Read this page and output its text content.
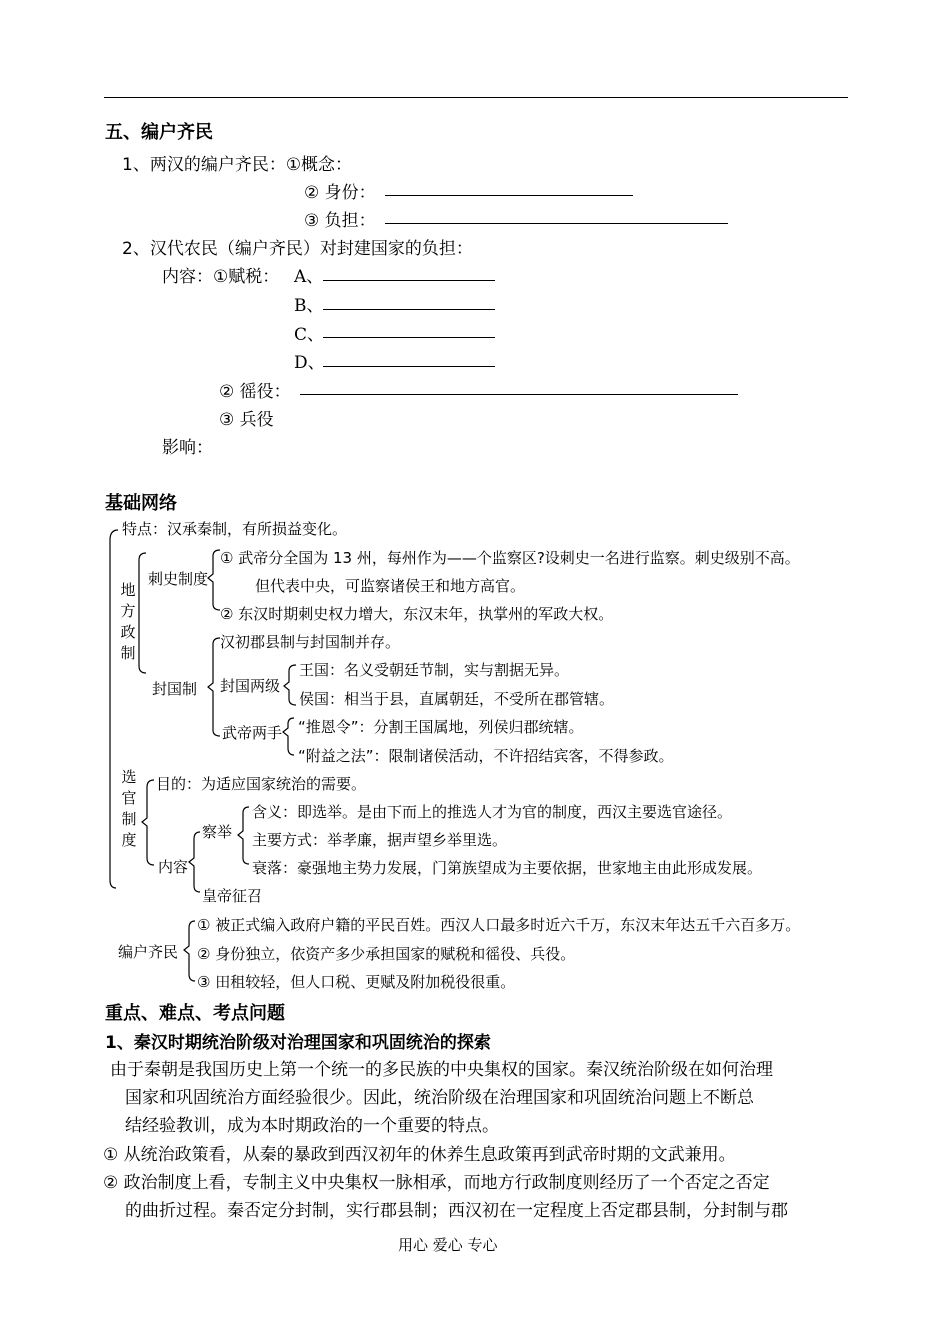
五、编户齐民
1、两汉的编户齐民：①概念：
② 身份：
③ 负担：
2、汉代农民（编户齐民）对封建国家的负担：
内容：①赋税： A、
B、
C、
D、
② 徭役：
③ 兵役
影响：
基础网络
特点：汉承秦制，有所损益变化。
地方政制
刺史制度
① 武帝分全国为 13 州，每州作为——个监察区?设刺史一名进行监察。刺史级别不高。
但代表中央，可监察诸侯王和地方高官。
② 东汉时期刺史权力增大，东汉末年，执掌州的军政大权。
封国制
汉初郡县制与封国制并存。
封国两级
王国：名义受朝廷节制，实与割据无异。
侯国：相当于县，直属朝廷，不受所在郡管辖。
武帝两手 “推恩令”：分割王国属地，列侯归郡统辖。
“附益之法”：限制诸侯活动，不许招结宾客，不得参政。
选官制度
目的：为适应国家统治的需要。
内容
察举
含义：即选举。是由下而上的推选人才为官的制度，西汉主要选官途径。
主要方式：举孝廉，据声望乡举里选。
衰落：豪强地主势力发展，门第族望成为主要依据，世家地主由此形成发展。
皇帝征召
编户齐民
① 被正式编入政府户籍的平民百姓。西汉人口最多时近六千万，东汉末年达五千六百多万。
② 身份独立，依资产多少承担国家的赋税和徭役、兵役。
③ 田租较轻，但人口税、更赋及附加税役很重。
重点、难点、考点问题
1、秦汉时期统治阶级对治理国家和巩固统治的探索
由于秦朝是我国历史上第一个统一的多民族的中央集权的国家。秦汉统治阶级在如何治理
国家和巩固统治方面经验很少。因此，统治阶级在治理国家和巩固统治问题上不断总
结经验教训，成为本时期政治的一个重要的特点。
① 从统治政策看，从秦的暴政到西汉初年的休养生息政策再到武帝时期的文武兼用。
② 政治制度上看，专制主义中央集权一脉相承，而地方行政制度则经历了一个否定之否定
的曲折过程。秦否定分封制，实行郡县制；西汉初在一定程度上否定郡县制，分封制与郡
用心 爱心 专心
